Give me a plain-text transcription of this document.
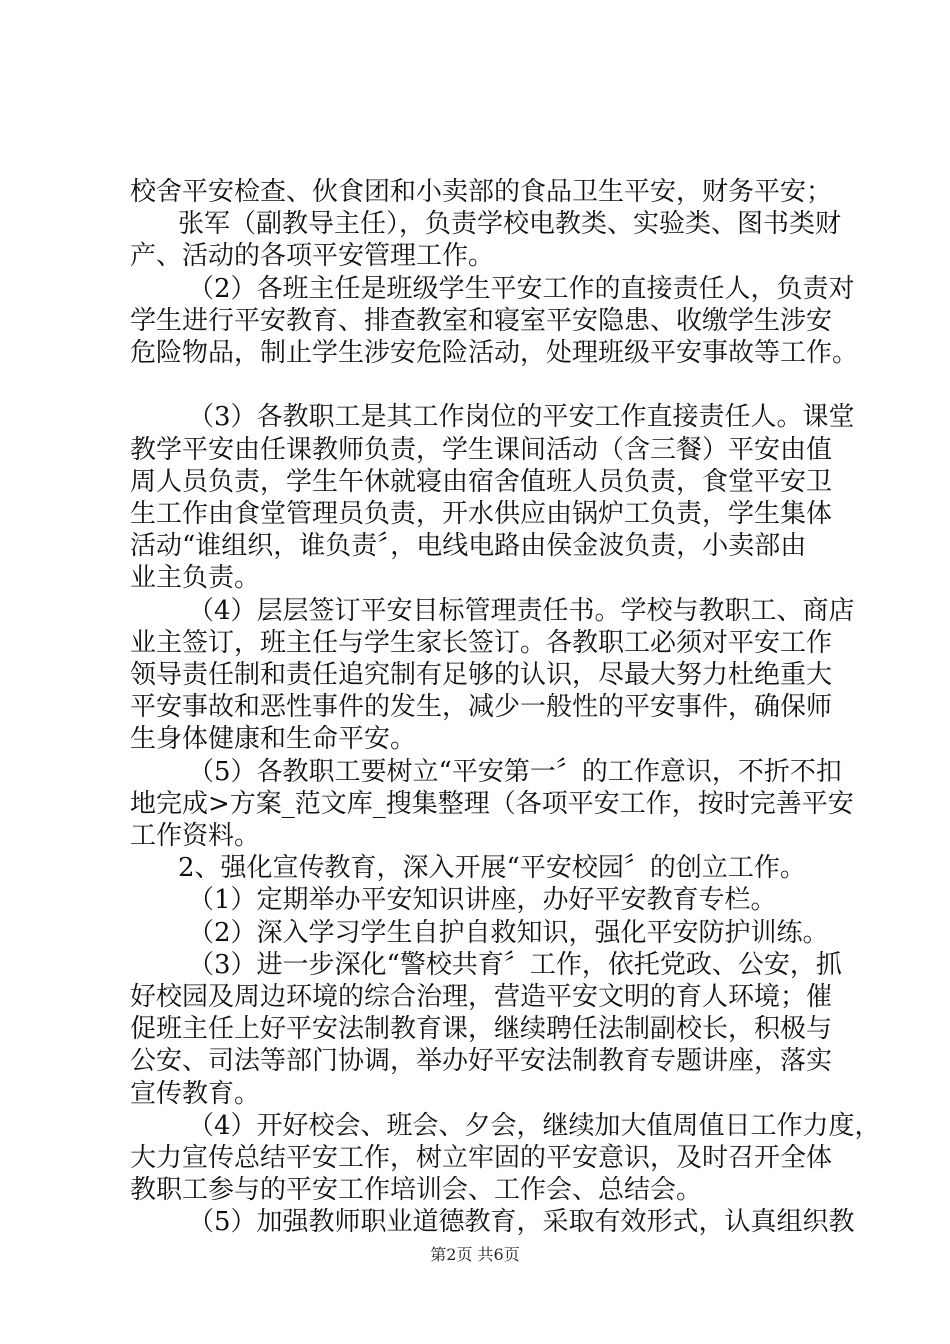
校舍平安检查、伙食团和小卖部的食品卫生平安，财务平安；

张军（副教导主任），负责学校电教类、实验类、图书类财

产、活动的各项平安管理工作。

（2）各班主任是班级学生平安工作的直接责任人，负责对

学生进行平安教育、排查教室和寝室平安隐患、收缴学生涉安

危险物品，制止学生涉安危险活动，处理班级平安事故等工作。

（3）各教职工是其工作岗位的平安工作直接责任人。课堂

教学平安由任课教师负责，学生课间活动（含三餐）平安由值

周人员负责，学生午休就寝由宿舍值班人员负责，食堂平安卫

生工作由食堂管理员负责，开水供应由锅炉工负责，学生集体

活动“谁组织，谁负责〞，电线电路由侯金波负责，小卖部由

业主负责。

（4）层层签订平安目标管理责任书。学校与教职工、商店

业主签订，班主任与学生家长签订。各教职工必须对平安工作

领导责任制和责任追究制有足够的认识，尽最大努力杜绝重大

平安事故和恶性事件的发生，减少一般性的平安事件，确保师

生身体健康和生命平安。

（5）各教职工要树立“平安第一〞的工作意识，不折不扣

地完成>方案_范文库_搜集整理（各项平安工作，按时完善平安

工作资料。

2、强化宣传教育，深入开展“平安校园〞的创立工作。

（1）定期举办平安知识讲座，办好平安教育专栏。

（2）深入学习学生自护自救知识，强化平安防护训练。

（3）进一步深化“警校共育〞工作，依托党政、公安，抓

好校园及周边环境的综合治理，营造平安文明的育人环境；催

促班主任上好平安法制教育课，继续聘任法制副校长，积极与

公安、司法等部门协调，举办好平安法制教育专题讲座，落实

宣传教育。

（4）开好校会、班会、夕会，继续加大值周值日工作力度，

大力宣传总结平安工作，树立牢固的平安意识，及时召开全体

教职工参与的平安工作培训会、工作会、总结会。

（5）加强教师职业道德教育，采取有效形式，认真组织教

第2页 共6页
